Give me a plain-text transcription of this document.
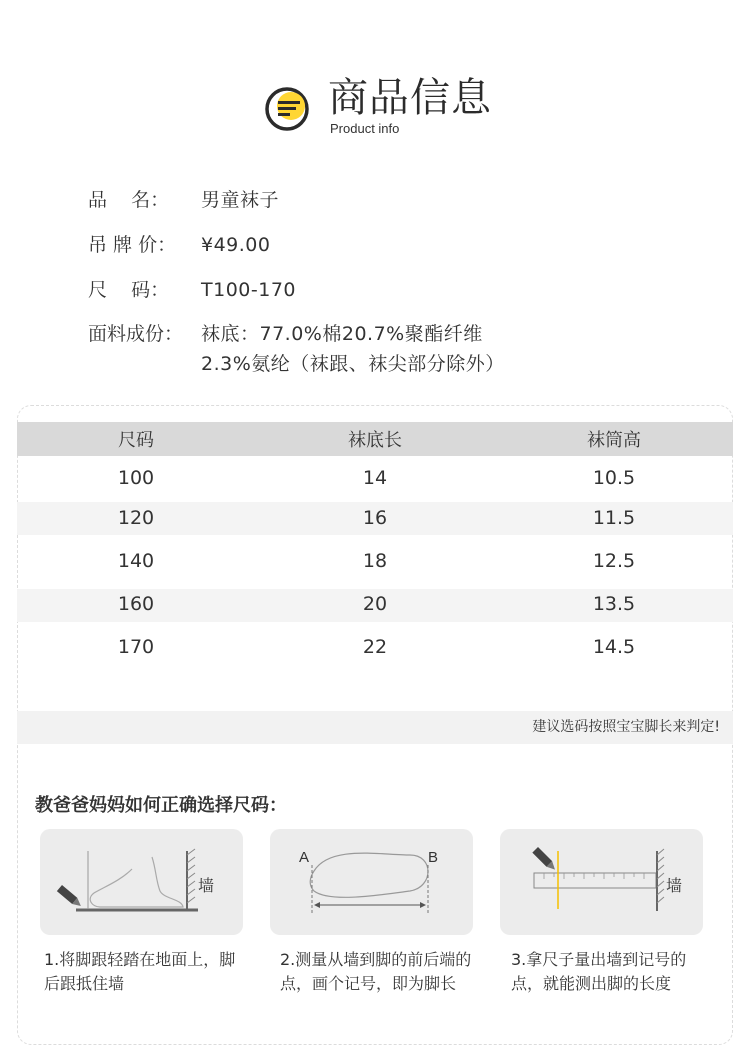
商品信息
Product info
品    名： 男童袜子
吊 牌 价： ¥49.00
尺    码： T100-170
面料成份： 袜底：77.0%棉20.7%聚酯纤维
2.3%氨纶（袜跟、袜尖部分除外）
尺码	袜底长	袜筒高
100	14	10.5
120	16	11.5
140	18	12.5
160	20	13.5
170	22	14.5
建议选码按照宝宝脚长来判定!
教爸爸妈妈如何正确选择尺码：
墙
1.将脚跟轻踏在地面上，脚后跟抵住墙
A	B
2.测量从墙到脚的前后端的点，画个记号，即为脚长
墙
3.拿尺子量出墙到记号的点，就能测出脚的长度
